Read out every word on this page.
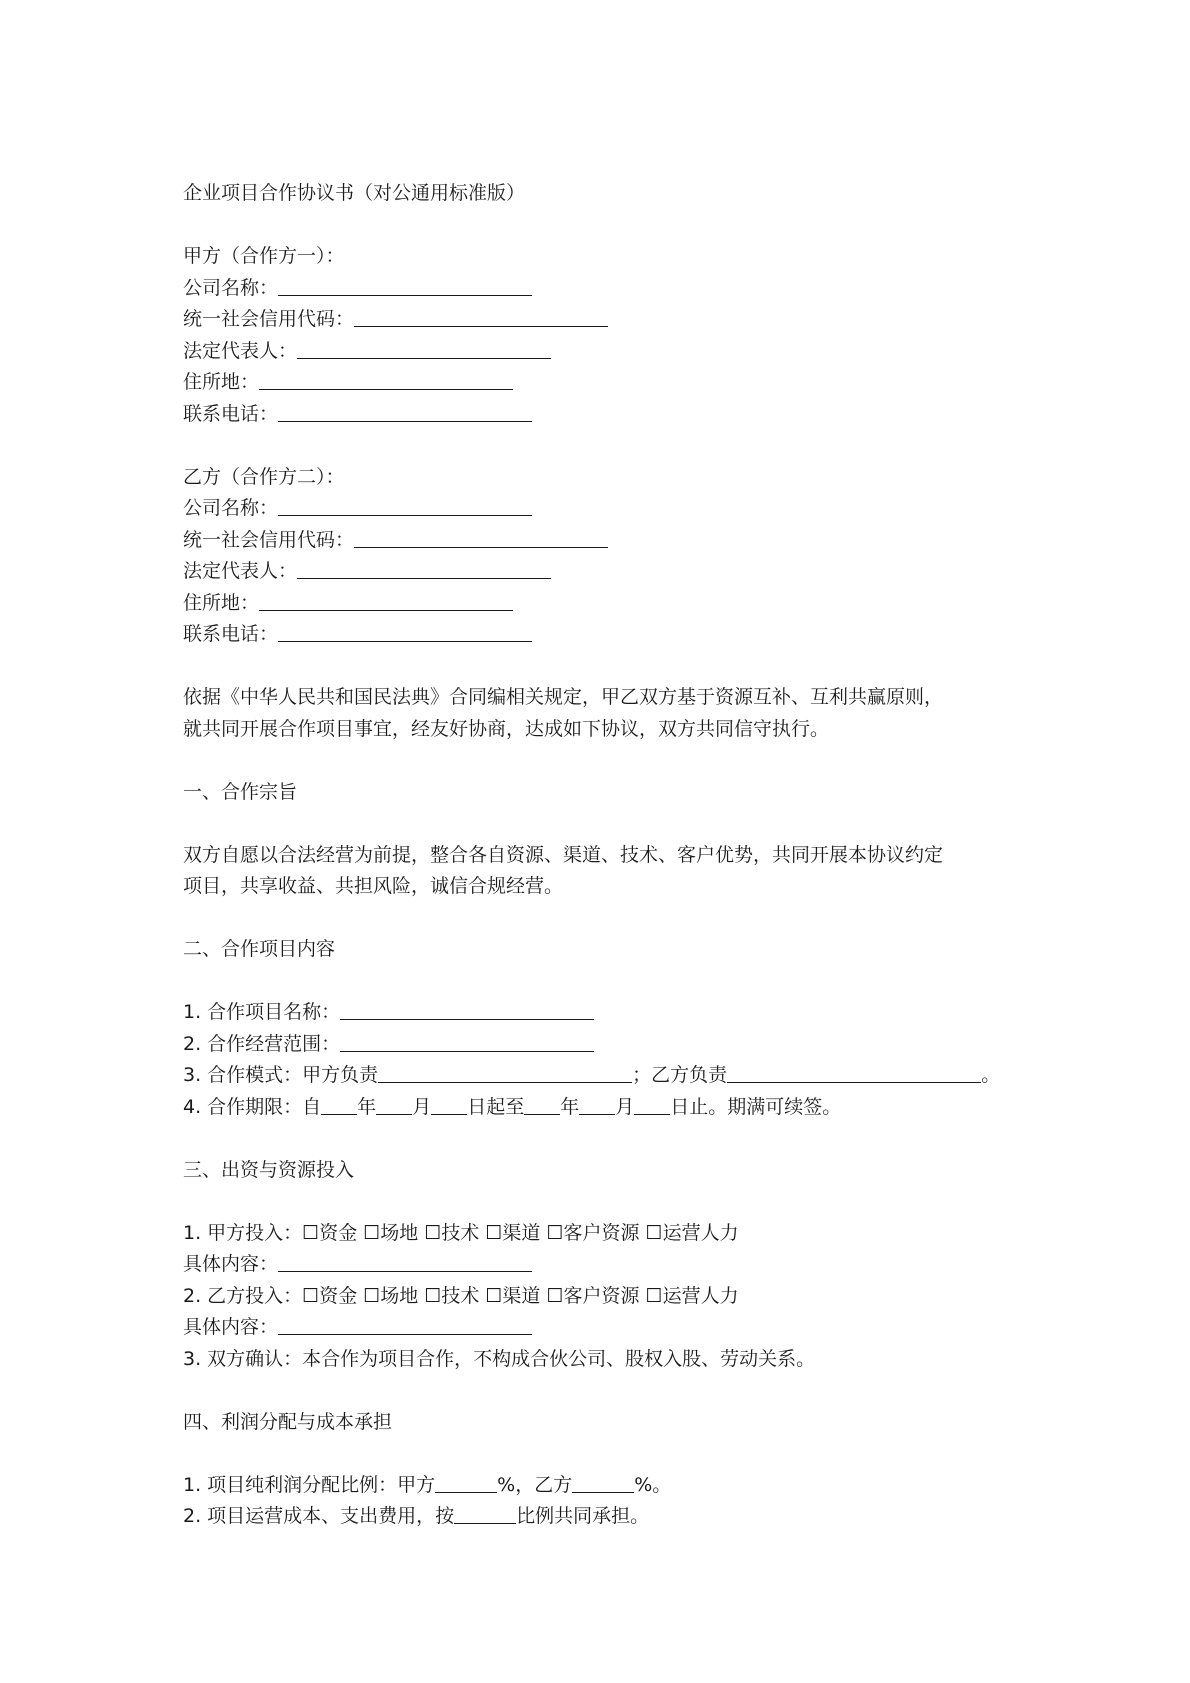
企业项目合作协议书（对公通用标准版）
甲方（合作方一）：
公司名称：
统一社会信用代码：
法定代表人：
住所地：
联系电话：
乙方（合作方二）：
公司名称：
统一社会信用代码：
法定代表人：
住所地：
联系电话：
依据《中华人民共和国民法典》合同编相关规定，甲乙双方基于资源互补、互利共赢原则，
就共同开展合作项目事宜，经友好协商，达成如下协议，双方共同信守执行。
一、合作宗旨
双方自愿以合法经营为前提，整合各自资源、渠道、技术、客户优势，共同开展本协议约定
项目，共享收益、共担风险，诚信合规经营。
二、合作项目内容
1. 合作项目名称：
2. 合作经营范围：
3. 合作模式：甲方负责	；乙方负责	。
4. 合作期限：自 年 月 日起至 年 月 日止。期满可续签。
三、出资与资源投入
1. 甲方投入：☐资金 ☐场地 ☐技术 ☐渠道 ☐客户资源 ☐运营人力
具体内容：
2. 乙方投入：☐资金 ☐场地 ☐技术 ☐渠道 ☐客户资源 ☐运营人力
具体内容：
3. 双方确认：本合作为项目合作，不构成合伙公司、股权入股、劳动关系。
四、利润分配与成本承担
1. 项目纯利润分配比例：甲方	%，乙方	%。
2. 项目运营成本、支出费用，按	比例共同承担。
